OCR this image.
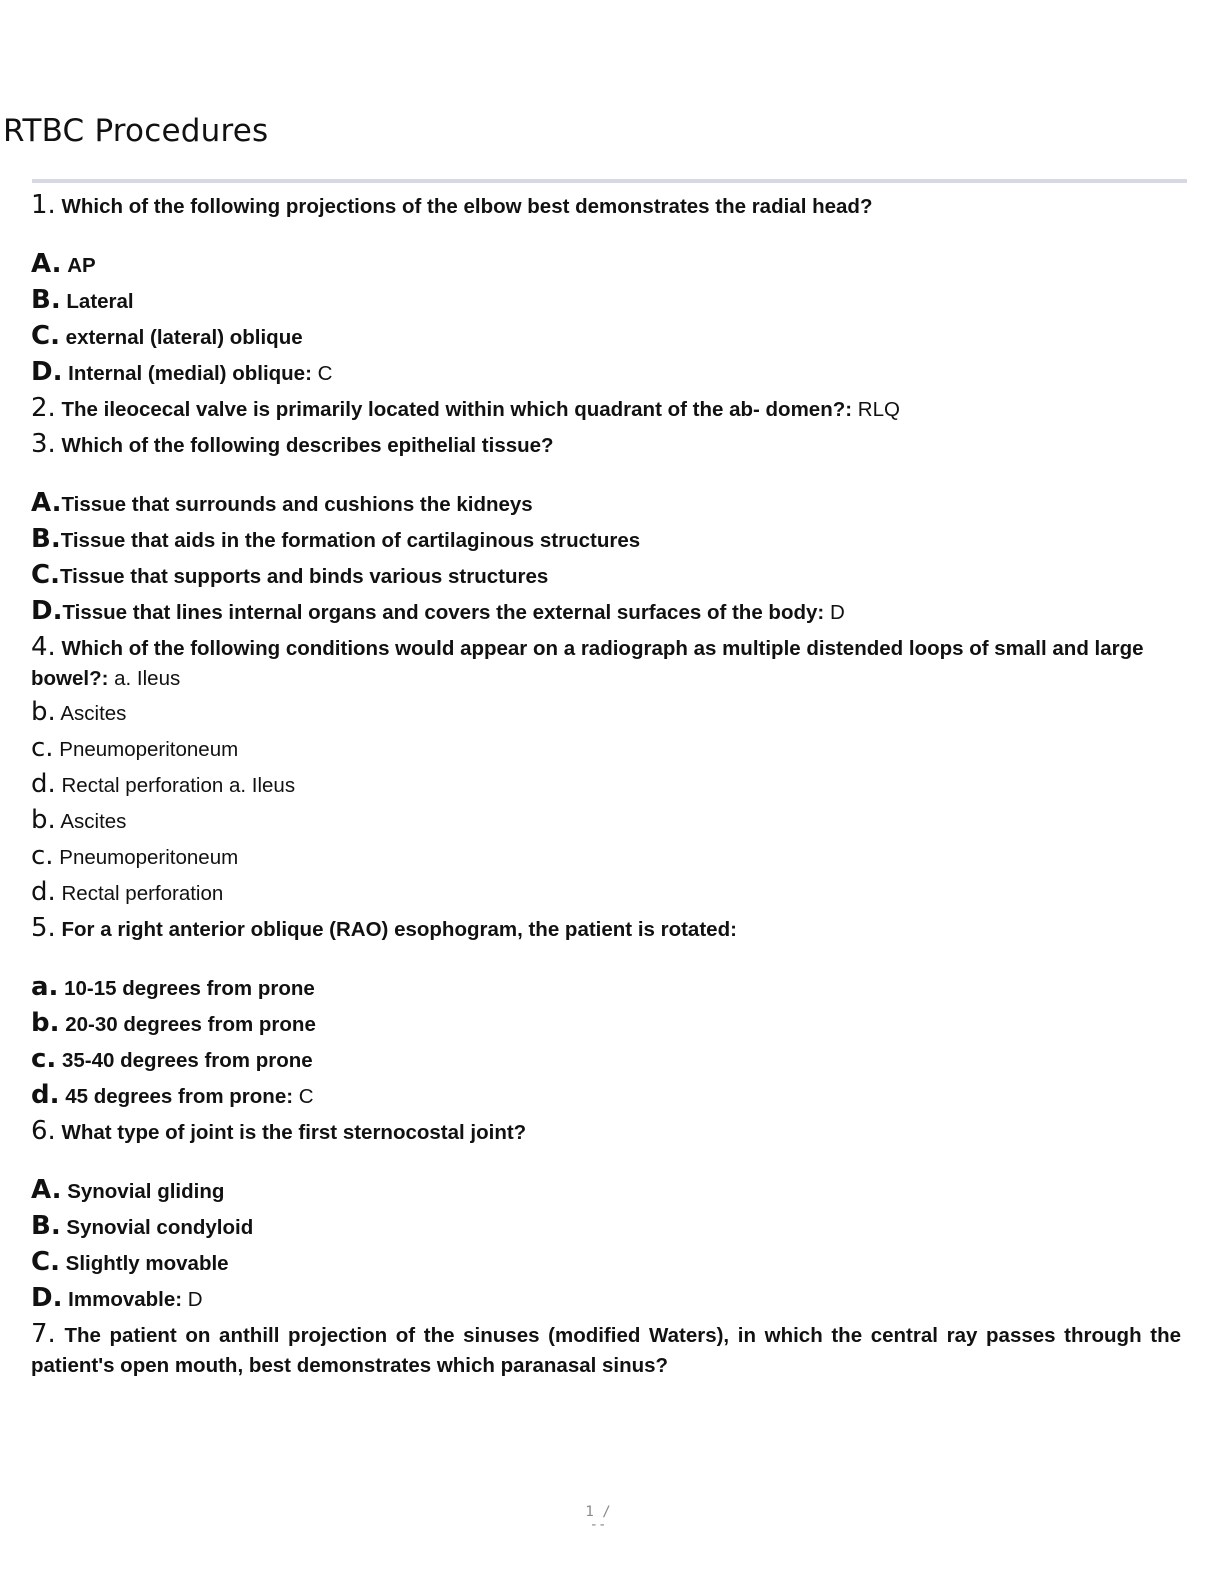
RTBC Procedures

1. Which of the following projections of the elbow best demonstrates the radial head?

A. AP

B. Lateral

C. external (lateral) oblique

D. Internal (medial) oblique: C

2. The ileocecal valve is primarily located within which quadrant of the ab- domen?: RLQ

3. Which of the following describes epithelial tissue?

A.Tissue that surrounds and cushions the kidneys

B.Tissue that aids in the formation of cartilaginous structures

C.Tissue that supports and binds various structures

D.Tissue that lines internal organs and covers the external surfaces of the body: D

4. Which of the following conditions would appear on a radiograph as multiple distended loops of small and large bowel?: a. Ileus

b. Ascites

c. Pneumoperitoneum

d. Rectal perforation a. Ileus

b. Ascites

c. Pneumoperitoneum

d. Rectal perforation

5. For a right anterior oblique (RAO) esophogram, the patient is rotated:

a. 10-15 degrees from prone

b. 20-30 degrees from prone

c. 35-40 degrees from prone

d. 45 degrees from prone: C

6. What type of joint is the first sternocostal joint?

A. Synovial gliding

B. Synovial condyloid

C. Slightly movable

D. Immovable: D

7. The patient on anthill projection of the sinuses (modified Waters), in which the central ray passes through the patient's open mouth, best demonstrates which paranasal sinus?

1 /
--
